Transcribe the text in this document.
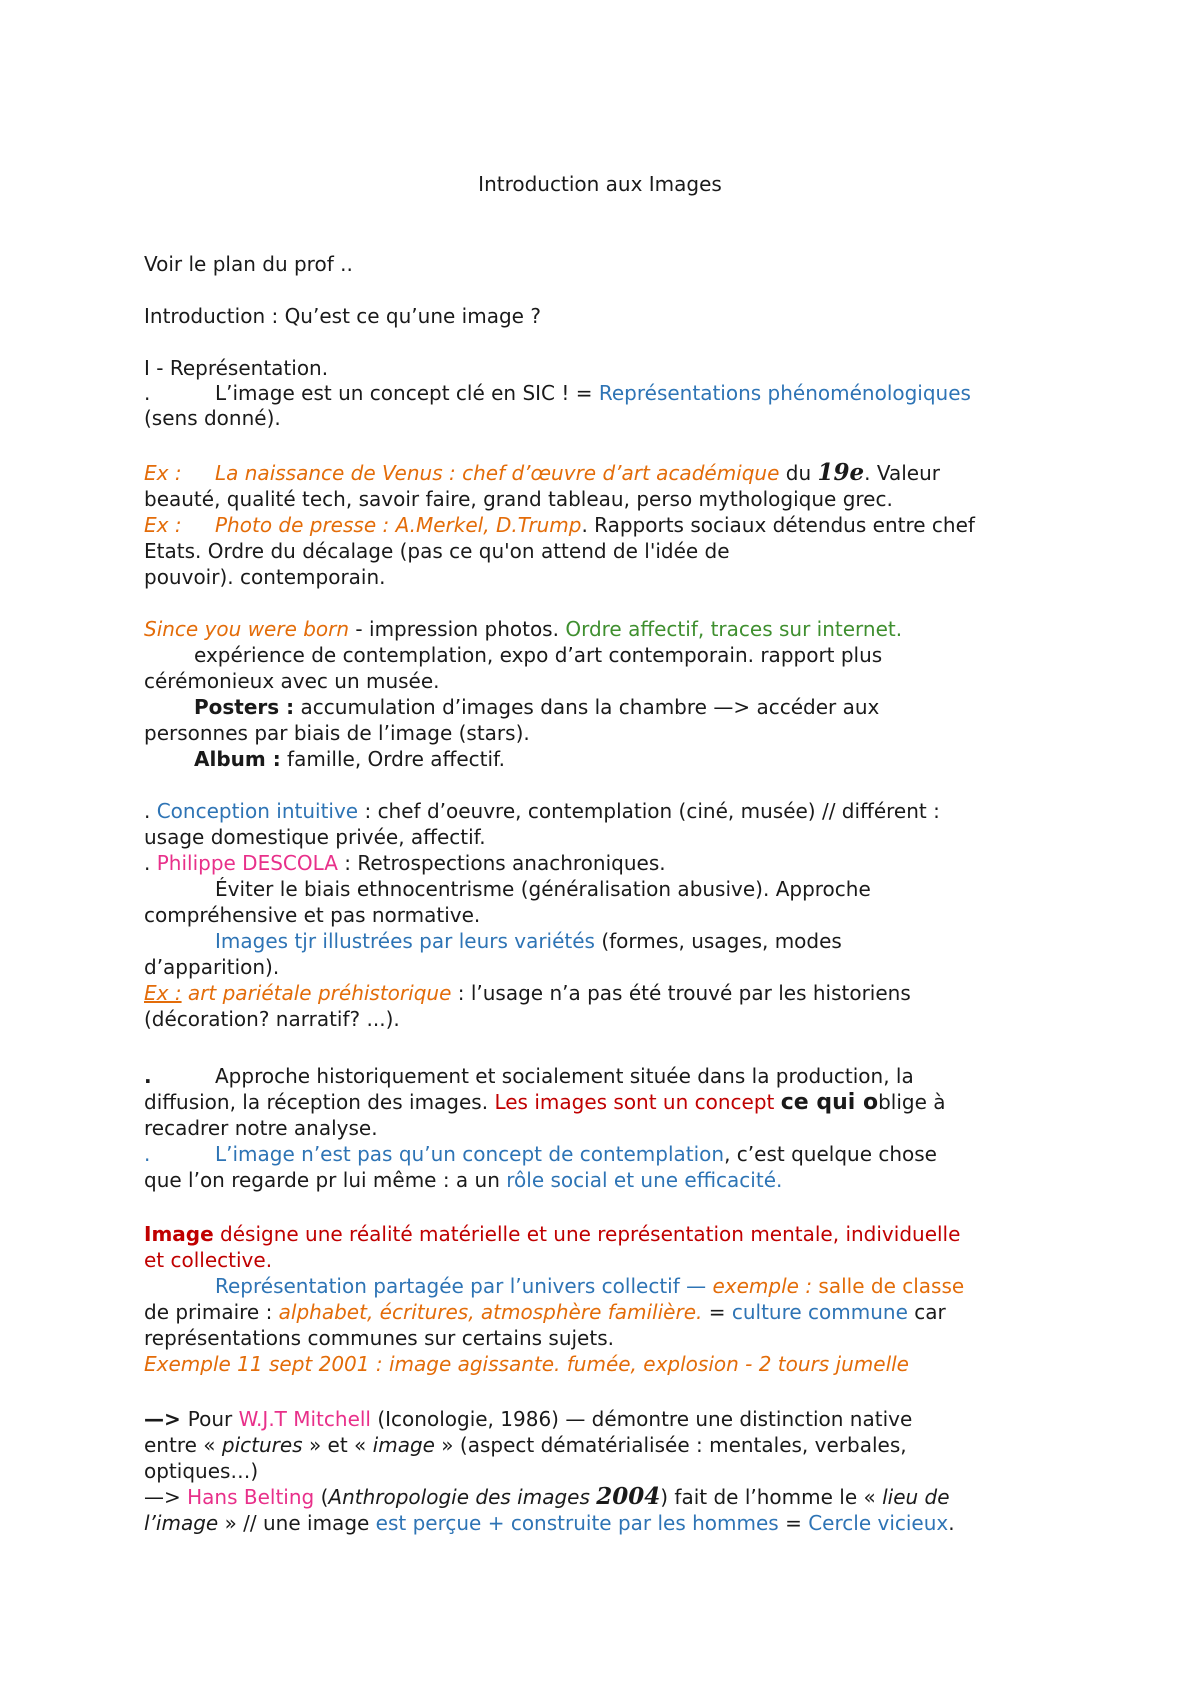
Introduction aux Images
Voir le plan du prof ..
Introduction : Qu’est ce qu’une image ?
I - Représentation.
.	L’image est un concept clé en SIC ! = Représentations phénoménologiques
(sens donné).
Ex : La naissance de Venus : chef d’œuvre d’art académique du 19e. Valeur
beauté, qualité tech, savoir faire, grand tableau, perso mythologique grec.
Ex : Photo de presse : A.Merkel, D.Trump. Rapports sociaux détendus entre chef
Etats. Ordre du décalage (pas ce qu'on attend de l'idée de
pouvoir). contemporain.
Since you were born - impression photos. Ordre affectif, traces sur internet.
expérience de contemplation, expo d’art contemporain. rapport plus
cérémonieux avec un musée.
Posters : accumulation d’images dans la chambre —> accéder aux
personnes par biais de l’image (stars).
Album : famille, Ordre affectif.
. Conception intuitive : chef d’oeuvre, contemplation (ciné, musée) // différent :
usage domestique privée, affectif.
. Philippe DESCOLA : Retrospections anachroniques.
Éviter le biais ethnocentrisme (généralisation abusive). Approche
compréhensive et pas normative.
Images tjr illustrées par leurs variétés (formes, usages, modes
d’apparition).
Ex : art pariétale préhistorique : l’usage n’a pas été trouvé par les historiens
(décoration? narratif? ...).
.	Approche historiquement et socialement située dans la production, la
diffusion, la réception des images. Les images sont un concept ce qui oblige à
recadrer notre analyse.
.	L’image n’est pas qu’un concept de contemplation, c’est quelque chose
que l’on regarde pr lui même : a un rôle social et une efficacité.
Image désigne une réalité matérielle et une représentation mentale, individuelle
et collective.
Représentation partagée par l’univers collectif — exemple : salle de classe
de primaire : alphabet, écritures, atmosphère familière. = culture commune car
représentations communes sur certains sujets.
Exemple 11 sept 2001 : image agissante. fumée, explosion - 2 tours jumelle
—> Pour W.J.T Mitchell (Iconologie, 1986) — démontre une distinction native
entre « pictures » et « image » (aspect dématérialisée : mentales, verbales,
optiques…)
—> Hans Belting (Anthropologie des images 2004) fait de l’homme le « lieu de
l’image » // une image est perçue + construite par les hommes = Cercle vicieux.
